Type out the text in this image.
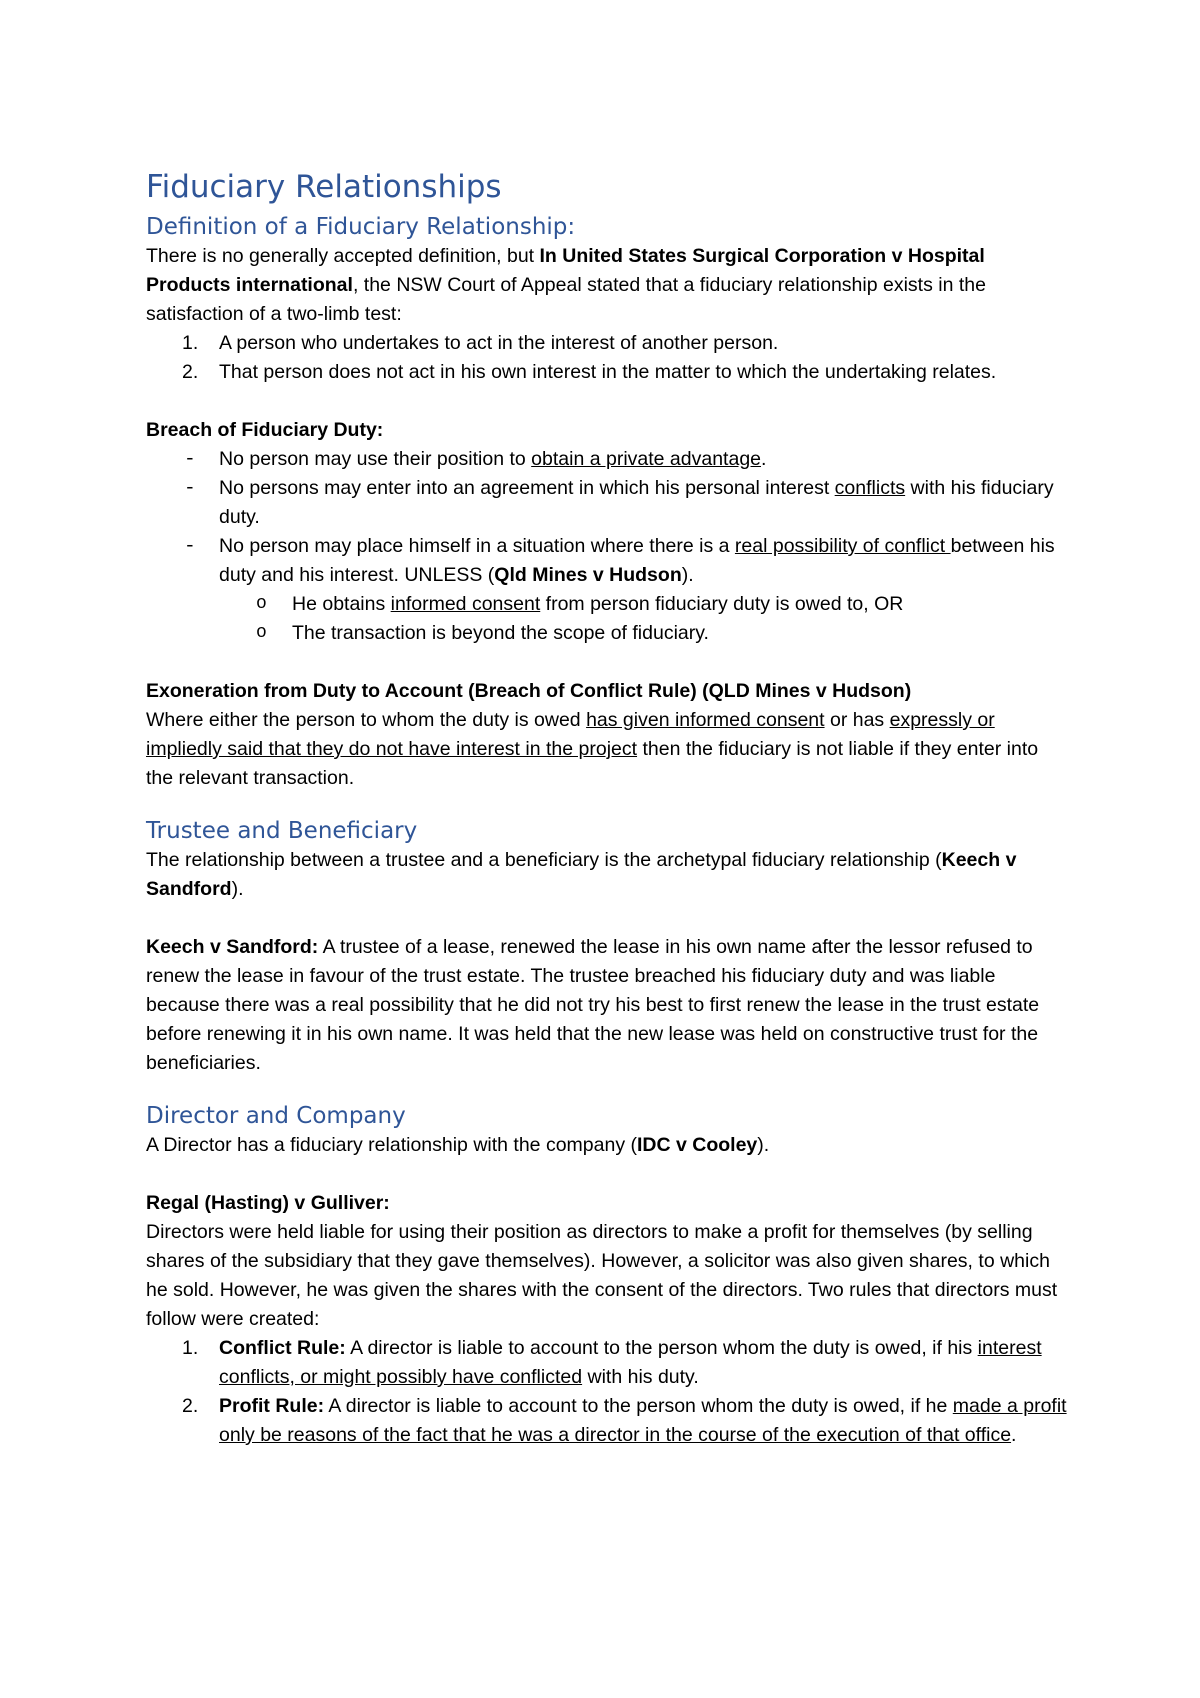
Fiduciary Relationships
Definition of a Fiduciary Relationship:

There is no generally accepted definition, but In United States Surgical Corporation v Hospital Products international, the NSW Court of Appeal stated that a fiduciary relationship exists in the satisfaction of a two-limb test:

1. A person who undertakes to act in the interest of another person.
2. That person does not act in his own interest in the matter to which the undertaking relates.

Breach of Fiduciary Duty:

- No person may use their position to obtain a private advantage.
- No persons may enter into an agreement in which his personal interest conflicts with his fiduciary duty.
- No person may place himself in a situation where there is a real possibility of conflict between his duty and his interest. UNLESS (Qld Mines v Hudson).
o He obtains informed consent from person fiduciary duty is owed to, OR
o The transaction is beyond the scope of fiduciary.

Exoneration from Duty to Account (Breach of Conflict Rule) (QLD Mines v Hudson)

Where either the person to whom the duty is owed has given informed consent or has expressly or impliedly said that they do not have interest in the project then the fiduciary is not liable if they enter into the relevant transaction.

Trustee and Beneficiary

The relationship between a trustee and a beneficiary is the archetypal fiduciary relationship (Keech v Sandford).

Keech v Sandford: A trustee of a lease, renewed the lease in his own name after the lessor refused to renew the lease in favour of the trust estate. The trustee breached his fiduciary duty and was liable because there was a real possibility that he did not try his best to first renew the lease in the trust estate before renewing it in his own name. It was held that the new lease was held on constructive trust for the beneficiaries.

Director and Company

A Director has a fiduciary relationship with the company (IDC v Cooley).

Regal (Hasting) v Gulliver:

Directors were held liable for using their position as directors to make a profit for themselves (by selling shares of the subsidiary that they gave themselves). However, a solicitor was also given shares, to which he sold. However, he was given the shares with the consent of the directors. Two rules that directors must follow were created:

1. Conflict Rule: A director is liable to account to the person whom the duty is owed, if his interest conflicts, or might possibly have conflicted with his duty.
2. Profit Rule: A director is liable to account to the person whom the duty is owed, if he made a profit only be reasons of the fact that he was a director in the course of the execution of that office.
